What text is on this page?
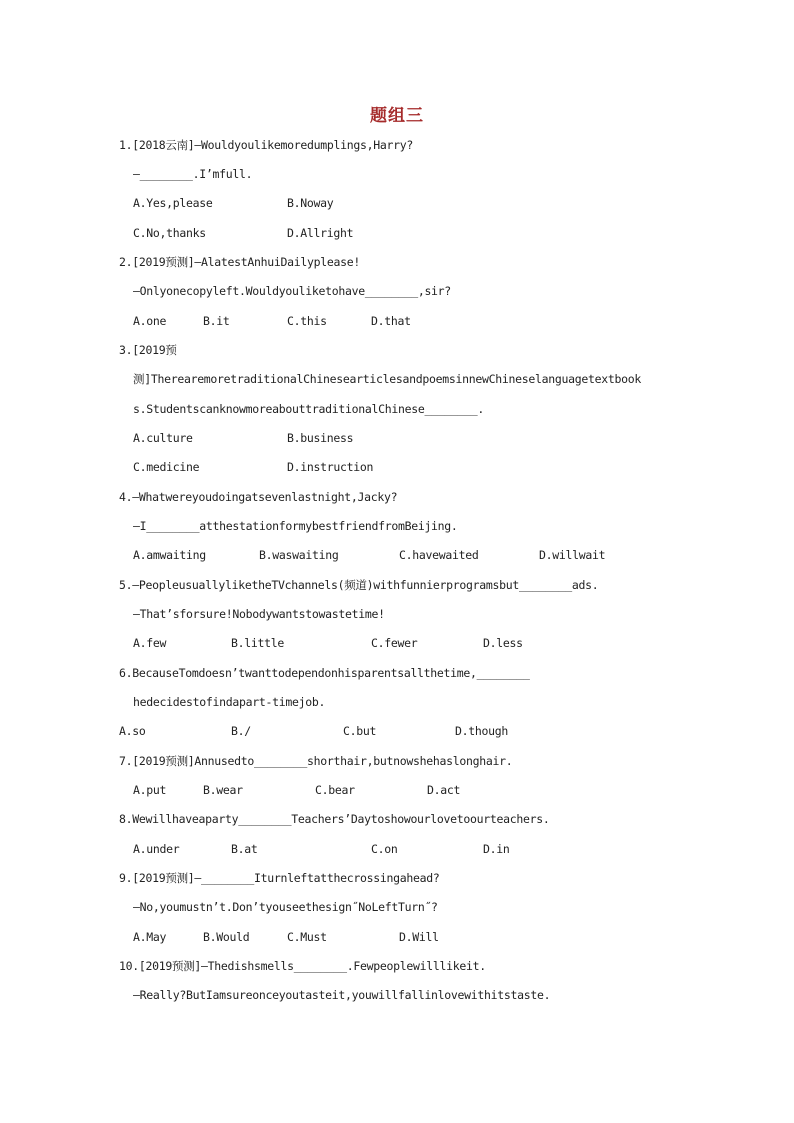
题组三
1.[2018云南]—Wouldyoulikemoredumplings,Harry?
—________.I’mfull.
A.Yes,please	B.Noway
C.No,thanks	D.Allright
2.[2019预测]—AlatestAnhuiDailyplease!
—Onlyonecopyleft.Wouldyouliketohave________,sir?
A.one	B.it	C.this	D.that
3.[2019预
测]TherearemoretraditionalChinesearticlesandpoemsinnewChineselanguagetextbook
s.StudentscanknowmoreabouttraditionalChinese________.
A.culture	B.business
C.medicine	D.instruction
4.—Whatwereyoudoingatsevenlastnight,Jacky?
—I________atthestationformybestfriendfromBeijing.
A.amwaiting	B.waswaiting	C.havewaited	D.willwait
5.—PeopleusuallyliketheTVchannels(频道)withfunnierprogramsbut________ads.
—That’sforsure!Nobodywantstowastetime!
A.few	B.little	C.fewer	D.less
6.BecauseTomdoesn’twanttodependonhisparentsallthetime,________
hedecidestofindapart-timejob.
A.so	B./	C.but	D.though
7.[2019预测]Annusedto________shorthair,butnowshehaslonghair.
A.put	B.wear	C.bear	D.act
8.Wewillhaveaparty________Teachers’Daytoshowourlovetoourteachers.
A.under	B.at	C.on	D.in
9.[2019预测]—________Iturnleftatthecrossingahead?
—No,youmustn’t.Don’tyouseethesign˝NoLeftTurn˝?
A.May	B.Would	C.Must	D.Will
10.[2019预测]—Thedishsmells________.Fewpeoplewilllikeit.
—Really?ButIamsureonceyoutasteit,youwillfallinlovewithitstaste.
